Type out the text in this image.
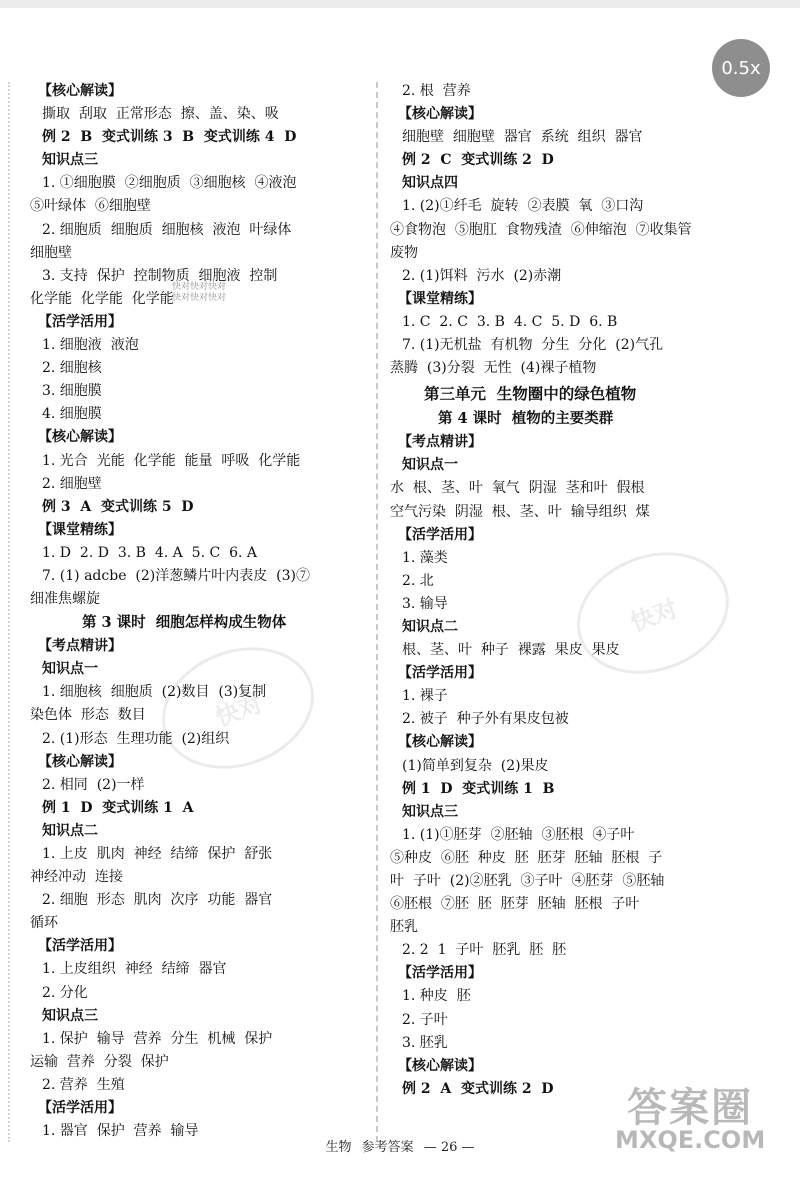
【核心解读】
撕取  刮取  正常形态  擦、盖、染、吸
例 2  B  变式训练 3  B  变式训练 4  D
知识点三
1. ①细胞膜  ②细胞质  ③细胞核  ④液泡
⑤叶绿体  ⑥细胞壁
2. 细胞质  细胞质  细胞核  液泡  叶绿体
细胞壁
3. 支持  保护  控制物质  细胞液  控制
化学能  化学能  化学能
【活学活用】
1. 细胞液  液泡
2. 细胞核
3. 细胞膜
4. 细胞膜
【核心解读】
1. 光合  光能  化学能  能量  呼吸  化学能
2. 细胞壁
例 3  A  变式训练 5  D
【课堂精练】
1. D  2. D  3. B  4. A  5. C  6. A
7. (1) adcbe  (2)洋葱鳞片叶内表皮  (3)⑦
细准焦螺旋
第 3 课时  细胞怎样构成生物体
【考点精讲】
知识点一
1. 细胞核  细胞质  (2)数目  (3)复制
染色体  形态  数目
2. (1)形态  生理功能  (2)组织
【核心解读】
2. 相同  (2)一样
例 1  D  变式训练 1  A
知识点二
1. 上皮  肌肉  神经  结缔  保护  舒张
神经冲动  连接
2. 细胞  形态  肌肉  次序  功能  器官
循环
【活学活用】
1. 上皮组织  神经  结缔  器官
2. 分化
知识点三
1. 保护  输导  营养  分生  机械  保护
运输  营养  分裂  保护
2. 营养  生殖
【活学活用】
1. 器官  保护  营养  输导
2. 根  营养
【核心解读】
细胞壁  细胞壁  器官  系统  组织  器官
例 2  C  变式训练 2  D
知识点四
1. (2)①纤毛  旋转  ②表膜  氧  ③口沟
④食物泡  ⑤胞肛  食物残渣  ⑥伸缩泡  ⑦收集管
废物
2. (1)饵料  污水  (2)赤潮
【课堂精练】
1. C  2. C  3. B  4. C  5. D  6. B
7. (1)无机盐  有机物  分生  分化  (2)气孔
蒸腾  (3)分裂  无性  (4)裸子植物
第三单元  生物圈中的绿色植物
第 4 课时  植物的主要类群
【考点精讲】
知识点一
水  根、茎、叶  氧气  阴湿  茎和叶  假根
空气污染  阴湿  根、茎、叶  输导组织  煤
【活学活用】
1. 藻类
2. 北
3. 输导
知识点二
根、茎、叶  种子  裸露  果皮  果皮
【活学活用】
1. 裸子
2. 被子  种子外有果皮包被
【核心解读】
(1)简单到复杂  (2)果皮
例 1  D  变式训练 1  B
知识点三
1. (1)①胚芽  ②胚轴  ③胚根  ④子叶
⑤种皮  ⑥胚  种皮  胚  胚芽  胚轴  胚根  子
叶  子叶  (2)②胚乳  ③子叶  ④胚芽  ⑤胚轴
⑥胚根  ⑦胚  胚  胚芽  胚轴  胚根  子叶
胚乳
2. 2  1  子叶  胚乳  胚  胚
【活学活用】
1. 种皮  胚
2. 子叶
3. 胚乳
【核心解读】
例 2  A  变式训练 2  D
快对
快对
快对快对快对
快对快对快对
答案圈
MXQE.COM
生物 参考答案 — 26 —
0.5x
